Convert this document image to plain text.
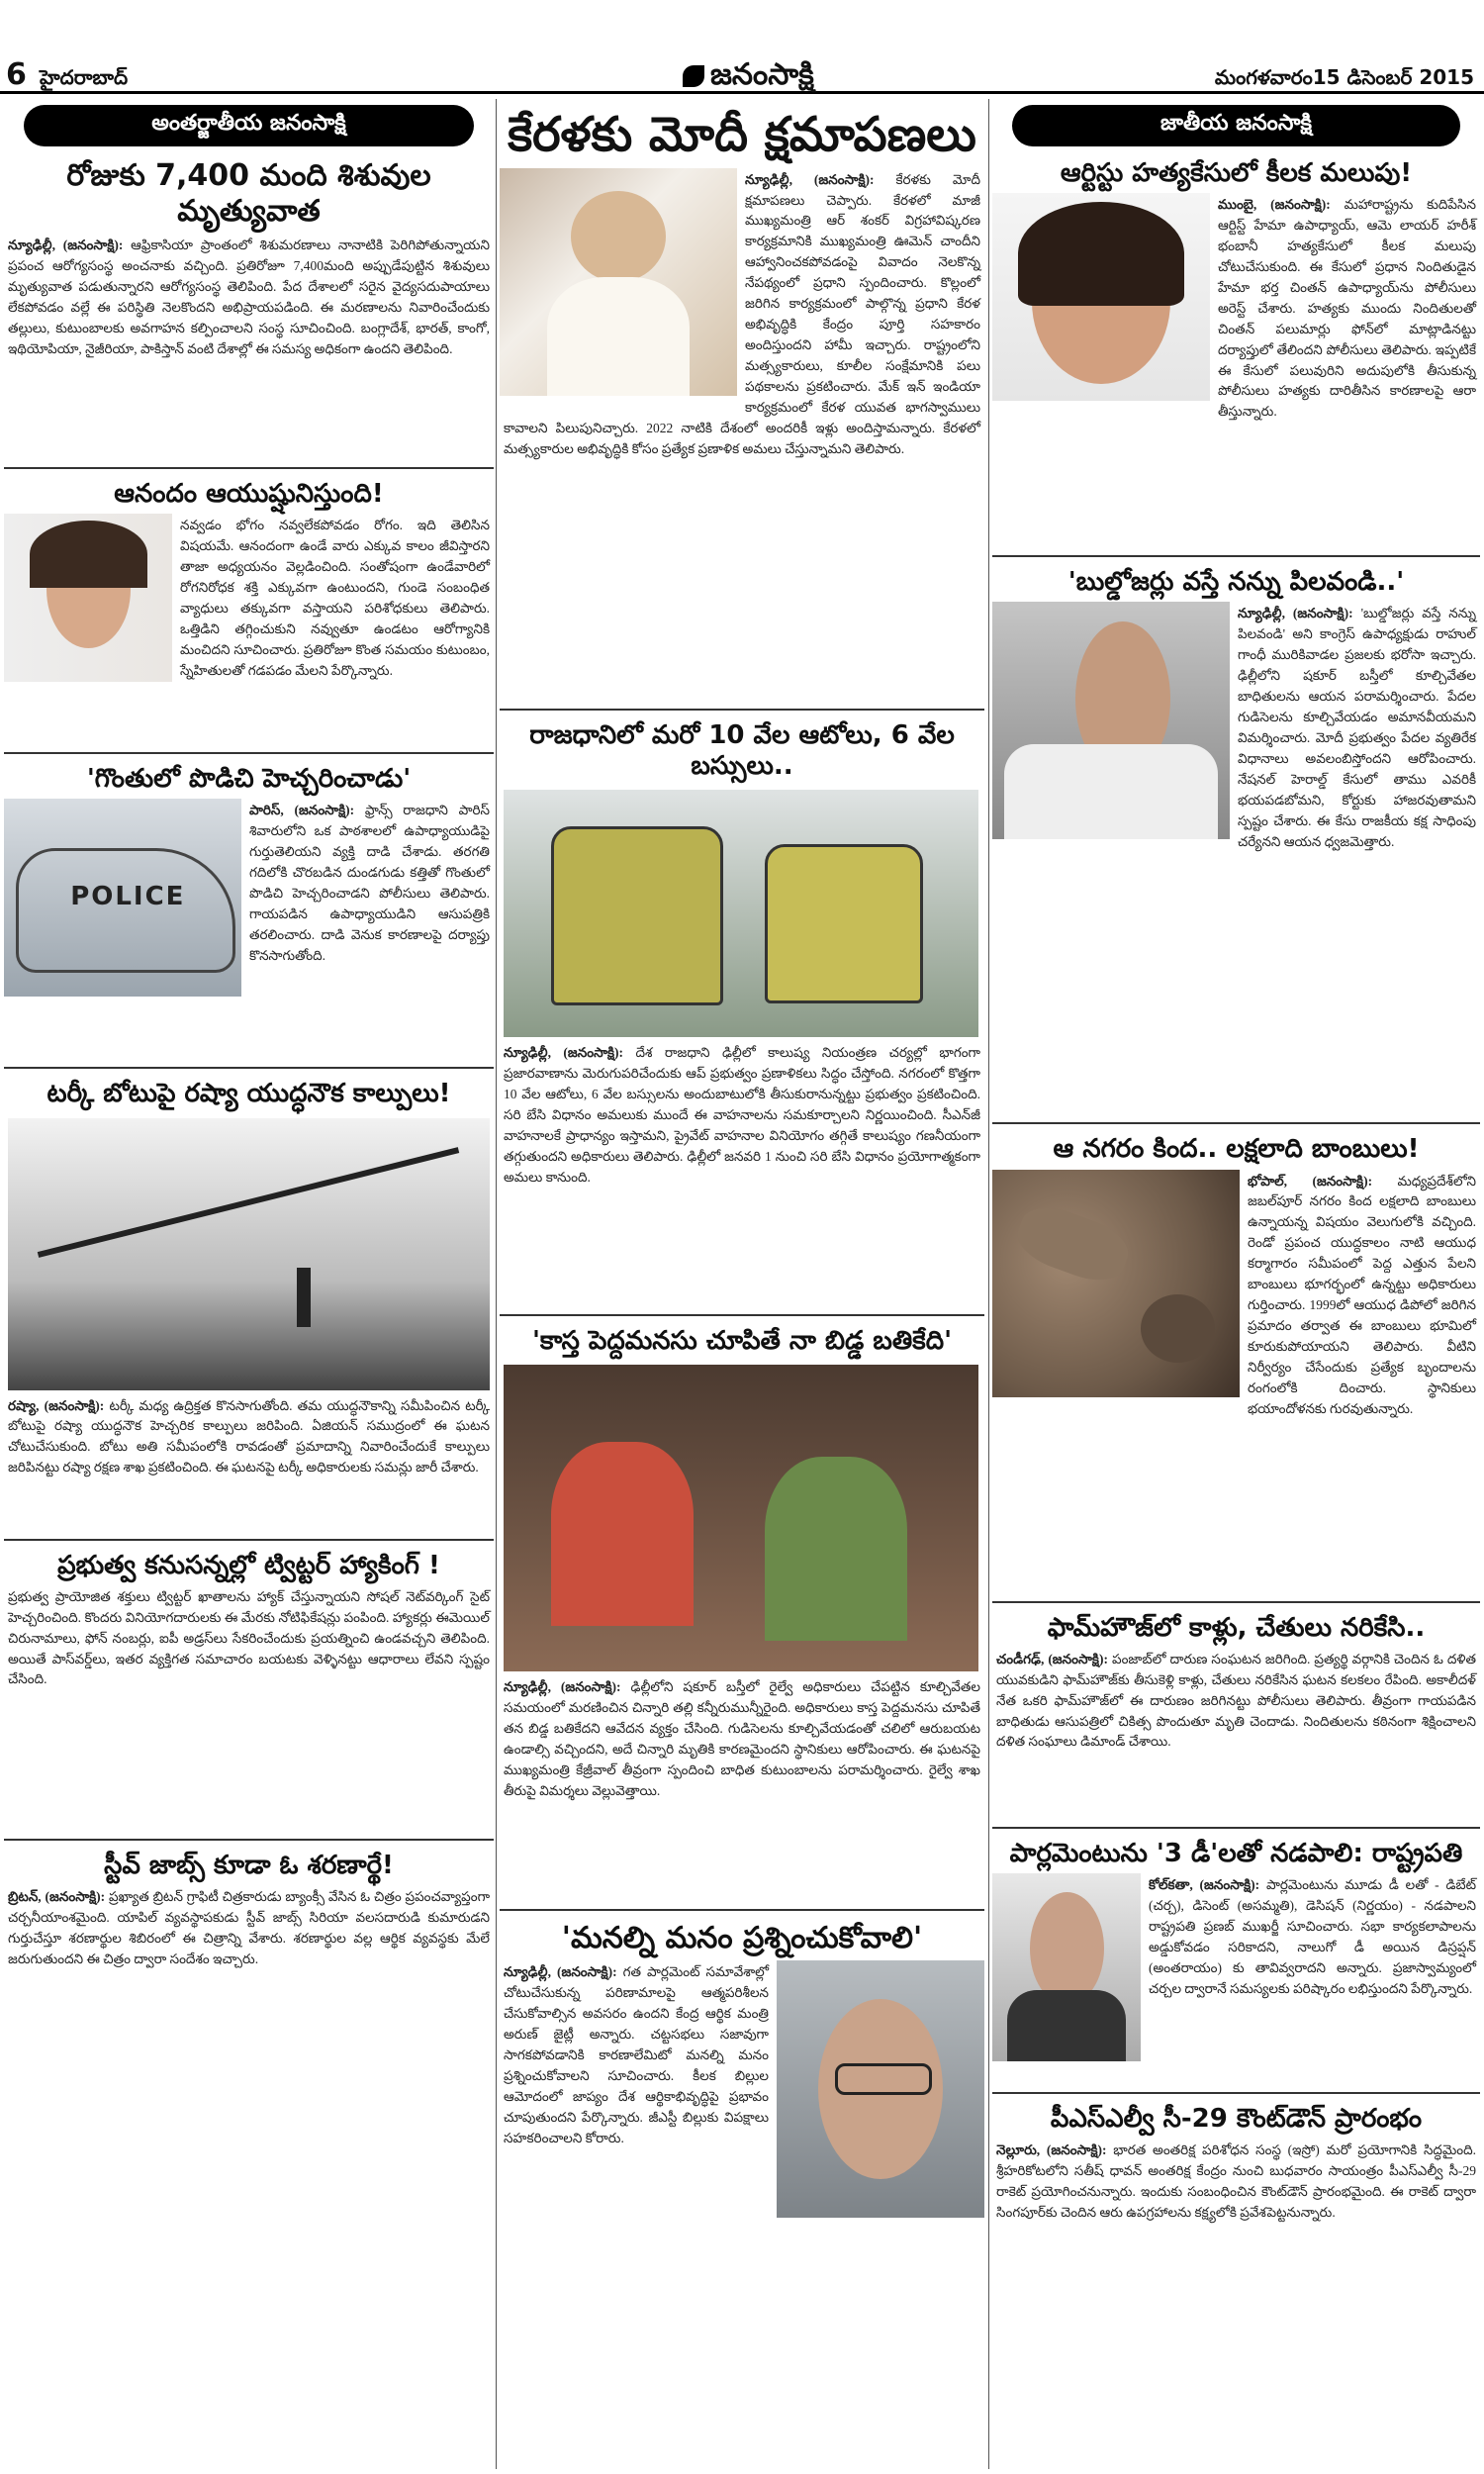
6 హైదరాబాద్	జనంసాక్షి	మంగళవారం15 డిసెంబర్ 2015
అంతర్జాతీయ జనంసాక్షి
రోజుకు 7,400 మంది శిశువుల మృత్యువాత

న్యూఢిల్లీ, (జనంసాక్షి): ఆఫ్రికాసియా ప్రాంతంలో శిశుమరణాలు నానాటికి పెరిగిపోతున్నాయని ప్రపంచ ఆరోగ్యసంస్థ అంచనాకు వచ్చింది. ప్రతిరోజూ 7,400మంది అప్పుడేపుట్టిన శిశువులు మృత్యువాత పడుతున్నారని ఆరోగ్యసంస్థ తెలిపింది. పేద దేశాలలో సరైన వైద్యసదుపాయాలు లేకపోవడం వల్లే ఈ పరిస్థితి నెలకొందని అభిప్రాయపడింది. ఈ మరణాలను నివారించేందుకు తల్లులు, కుటుంబాలకు అవగాహన కల్పించాలని సంస్థ సూచించింది. బంగ్లాదేశ్, భారత్, కాంగో, ఇథియోపియా, నైజీరియా, పాకిస్తాన్ వంటి దేశాల్లో ఈ సమస్య అధికంగా ఉందని తెలిపింది.

ఆనందం ఆయుష్షునిస్తుంది!

నవ్వడం భోగం నవ్వలేకపోవడం రోగం. ఇది తెలిసిన విషయమే. ఆనందంగా ఉండే వారు ఎక్కువ కాలం జీవిస్తారని తాజా అధ్యయనం వెల్లడించింది. సంతోషంగా ఉండేవారిలో రోగనిరోధక శక్తి ఎక్కువగా ఉంటుందని, గుండె సంబంధిత వ్యాధులు తక్కువగా వస్తాయని పరిశోధకులు తెలిపారు. ఒత్తిడిని తగ్గించుకుని నవ్వుతూ ఉండటం ఆరోగ్యానికి మంచిదని సూచించారు. ప్రతిరోజూ కొంత సమయం కుటుంబం, స్నేహితులతో గడపడం మేలని పేర్కొన్నారు.

'గొంతులో పొడిచి హెచ్చరించాడు'
POLICE

పారిస్, (జనంసాక్షి): ఫ్రాన్స్ రాజధాని పారిస్ శివారులోని ఒక పాఠశాలలో ఉపాధ్యాయుడిపై గుర్తుతెలియని వ్యక్తి దాడి చేశాడు. తరగతి గదిలోకి చొరబడిన దుండగుడు కత్తితో గొంతులో పొడిచి హెచ్చరించాడని పోలీసులు తెలిపారు. గాయపడిన ఉపాధ్యాయుడిని ఆసుపత్రికి తరలించారు. దాడి వెనుక కారణాలపై దర్యాప్తు కొనసాగుతోంది.

టర్కీ బోటుపై రష్యా యుద్ధనౌక కాల్పులు!

రష్యా, (జనంసాక్షి): టర్కీ మధ్య ఉద్రిక్తత కొనసాగుతోంది. తమ యుద్ధనౌకాన్ని సమీపించిన టర్కీ బోటుపై రష్యా యుద్ధనౌక హెచ్చరిక కాల్పులు జరిపింది. ఏజియన్ సముద్రంలో ఈ ఘటన చోటుచేసుకుంది. బోటు అతి సమీపంలోకి రావడంతో ప్రమాదాన్ని నివారించేందుకే కాల్పులు జరిపినట్టు రష్యా రక్షణ శాఖ ప్రకటించింది. ఈ ఘటనపై టర్కీ అధికారులకు సమన్లు జారీ చేశారు.

ప్రభుత్వ కనుసన్నల్లో ట్విట్టర్ హ్యాకింగ్ !

ప్రభుత్వ ప్రాయోజిత శక్తులు ట్విట్టర్ ఖాతాలను హ్యాక్ చేస్తున్నాయని సోషల్ నెట్‌వర్కింగ్ సైట్ హెచ్చరించింది. కొందరు వినియోగదారులకు ఈ మేరకు నోటిఫికేషన్లు పంపింది. హ్యాకర్లు ఈమెయిల్ చిరునామాలు, ఫోన్ నంబర్లు, ఐపీ అడ్రస్‌లు సేకరించేందుకు ప్రయత్నించి ఉండవచ్చని తెలిపింది. అయితే పాస్‌వర్డ్‌లు, ఇతర వ్యక్తిగత సమాచారం బయటకు వెళ్ళినట్టు ఆధారాలు లేవని స్పష్టం చేసింది.

స్టీవ్ జాబ్స్ కూడా ఓ శరణార్థే!

బ్రిటన్, (జనంసాక్షి): ప్రఖ్యాత బ్రిటన్ గ్రాఫిటీ చిత్రకారుడు బ్యాంక్సీ వేసిన ఓ చిత్రం ప్రపంచవ్యాప్తంగా చర్చనీయాంశమైంది. యాపిల్ వ్యవస్థాపకుడు స్టీవ్ జాబ్స్ సిరియా వలసదారుడి కుమారుడని గుర్తుచేస్తూ శరణార్థుల శిబిరంలో ఈ చిత్రాన్ని వేశారు. శరణార్థుల వల్ల ఆర్థిక వ్యవస్థకు మేలే జరుగుతుందని ఈ చిత్రం ద్వారా సందేశం ఇచ్చారు.

కేరళకు మోదీ క్షమాపణలు

న్యూఢిల్లీ, (జనంసాక్షి): కేరళకు మోదీ క్షమాపణలు చెప్పారు. కేరళలో మాజీ ముఖ్యమంత్రి ఆర్ శంకర్ విగ్రహావిష్కరణ కార్యక్రమానికి ముఖ్యమంత్రి ఊమెన్ చాందీని ఆహ్వానించకపోవడంపై వివాదం నెలకొన్న నేపథ్యంలో ప్రధాని స్పందించారు. కొల్లంలో జరిగిన కార్యక్రమంలో పాల్గొన్న ప్రధాని కేరళ అభివృద్ధికి కేంద్రం పూర్తి సహకారం అందిస్తుందని హామీ ఇచ్చారు. రాష్ట్రంలోని మత్స్యకారులు, కూలీల సంక్షేమానికి పలు పథకాలను ప్రకటించారు. మేక్ ఇన్ ఇండియా కార్యక్రమంలో కేరళ యువత భాగస్వాములు కావాలని పిలుపునిచ్చారు. 2022 నాటికి దేశంలో అందరికీ ఇళ్లు అందిస్తామన్నారు. కేరళలో మత్స్యకారుల అభివృద్ధికి కోసం ప్రత్యేక ప్రణాళిక అమలు చేస్తున్నామని తెలిపారు.

రాజధానిలో మరో 10 వేల ఆటోలు, 6 వేల బస్సులు..

న్యూఢిల్లీ, (జనంసాక్షి): దేశ రాజధాని ఢిల్లీలో కాలుష్య నియంత్రణ చర్యల్లో భాగంగా ప్రజారవాణాను మెరుగుపరిచేందుకు ఆప్ ప్రభుత్వం ప్రణాళికలు సిద్ధం చేస్తోంది. నగరంలో కొత్తగా 10 వేల ఆటోలు, 6 వేల బస్సులను అందుబాటులోకి తీసుకురానున్నట్టు ప్రభుత్వం ప్రకటించింది. సరి బేసి విధానం అమలుకు ముందే ఈ వాహనాలను సమకూర్చాలని నిర్ణయించింది. సీఎన్‌జీ వాహనాలకే ప్రాధాన్యం ఇస్తామని, ప్రైవేట్ వాహనాల వినియోగం తగ్గితే కాలుష్యం గణనీయంగా తగ్గుతుందని అధికారులు తెలిపారు. ఢిల్లీలో జనవరి 1 నుంచి సరి బేసి విధానం ప్రయోగాత్మకంగా అమలు కానుంది.

'కాస్త పెద్దమనసు చూపితే నా బిడ్డ బతికేది'

న్యూఢిల్లీ, (జనంసాక్షి): ఢిల్లీలోని షకూర్ బస్తీలో రైల్వే అధికారులు చేపట్టిన కూల్చివేతల సమయంలో మరణించిన చిన్నారి తల్లి కన్నీరుమున్నీరైంది. అధికారులు కాస్త పెద్దమనసు చూపితే తన బిడ్డ బతికేదని ఆవేదన వ్యక్తం చేసింది. గుడిసెలను కూల్చివేయడంతో చలిలో ఆరుబయట ఉండాల్సి వచ్చిందని, అదే చిన్నారి మృతికి కారణమైందని స్థానికులు ఆరోపించారు. ఈ ఘటనపై ముఖ్యమంత్రి కేజ్రీవాల్ తీవ్రంగా స్పందించి బాధిత కుటుంబాలను పరామర్శించారు. రైల్వే శాఖ తీరుపై విమర్శలు వెల్లువెత్తాయి.

'మనల్ని మనం ప్రశ్నించుకోవాలి'

న్యూఢిల్లీ, (జనంసాక్షి): గత పార్లమెంట్ సమావేశాల్లో చోటుచేసుకున్న పరిణామాలపై ఆత్మపరిశీలన చేసుకోవాల్సిన అవసరం ఉందని కేంద్ర ఆర్థిక మంత్రి అరుణ్ జైట్లీ అన్నారు. చట్టసభలు సజావుగా సాగకపోవడానికి కారణాలేమిటో మనల్ని మనం ప్రశ్నించుకోవాలని సూచించారు. కీలక బిల్లుల ఆమోదంలో జాప్యం దేశ ఆర్థికాభివృద్ధిపై ప్రభావం చూపుతుందని పేర్కొన్నారు. జీఎస్టీ బిల్లుకు విపక్షాలు సహకరించాలని కోరారు.

జాతీయ జనంసాక్షి
ఆర్టిస్టు హత్యకేసులో కీలక మలుపు!

ముంబై, (జనంసాక్షి): మహారాష్ట్రను కుదిపేసిన ఆర్టిస్ట్ హేమా ఉపాధ్యాయ్, ఆమె లాయర్ హరీశ్ భంబానీ హత్యకేసులో కీలక మలుపు చోటుచేసుకుంది. ఈ కేసులో ప్రధాన నిందితుడైన హేమా భర్త చింతన్ ఉపాధ్యాయ్‌ను పోలీసులు అరెస్ట్ చేశారు. హత్యకు ముందు నిందితులతో చింతన్ పలుమార్లు ఫోన్‌లో మాట్లాడినట్టు దర్యాప్తులో తేలిందని పోలీసులు తెలిపారు. ఇప్పటికే ఈ కేసులో పలువురిని అదుపులోకి తీసుకున్న పోలీసులు హత్యకు దారితీసిన కారణాలపై ఆరా తీస్తున్నారు.

'బుల్డోజర్లు వస్తే నన్ను పిలవండి..'

న్యూఢిల్లీ, (జనంసాక్షి): 'బుల్డోజర్లు వస్తే నన్ను పిలవండి' అని కాంగ్రెస్ ఉపాధ్యక్షుడు రాహుల్ గాంధీ మురికివాడల ప్రజలకు భరోసా ఇచ్చారు. ఢిల్లీలోని షకూర్ బస్తీలో కూల్చివేతల బాధితులను ఆయన పరామర్శించారు. పేదల గుడిసెలను కూల్చివేయడం అమానవీయమని విమర్శించారు. మోదీ ప్రభుత్వం పేదల వ్యతిరేక విధానాలు అవలంబిస్తోందని ఆరోపించారు. నేషనల్ హెరాల్డ్ కేసులో తాము ఎవరికీ భయపడబోమని, కోర్టుకు హాజరవుతామని స్పష్టం చేశారు. ఈ కేసు రాజకీయ కక్ష సాధింపు చర్యేనని ఆయన ధ్వజమెత్తారు.

ఆ నగరం కింద.. లక్షలాది బాంబులు!

భోపాల్, (జనంసాక్షి): మధ్యప్రదేశ్‌లోని జబల్‌పూర్ నగరం కింద లక్షలాది బాంబులు ఉన్నాయన్న విషయం వెలుగులోకి వచ్చింది. రెండో ప్రపంచ యుద్ధకాలం నాటి ఆయుధ కర్మాగారం సమీపంలో పెద్ద ఎత్తున పేలని బాంబులు భూగర్భంలో ఉన్నట్టు అధికారులు గుర్తించారు. 1999లో ఆయుధ డిపోలో జరిగిన ప్రమాదం తర్వాత ఈ బాంబులు భూమిలో కూరుకుపోయాయని తెలిపారు. వీటిని నిర్వీర్యం చేసేందుకు ప్రత్యేక బృందాలను రంగంలోకి దించారు. స్థానికులు భయాందోళనకు గురవుతున్నారు.

ఫామ్‌హౌజ్‌లో కాళ్లు, చేతులు నరికేసి..

చండీగఢ్, (జనంసాక్షి): పంజాబ్‌లో దారుణ సంఘటన జరిగింది. ప్రత్యర్థి వర్గానికి చెందిన ఓ దళిత యువకుడిని ఫామ్‌హౌజ్‌కు తీసుకెళ్లి కాళ్లు, చేతులు నరికేసిన ఘటన కలకలం రేపింది. అకాలీదళ్ నేత ఒకరి ఫామ్‌హౌజ్‌లో ఈ దారుణం జరిగినట్టు పోలీసులు తెలిపారు. తీవ్రంగా గాయపడిన బాధితుడు ఆసుపత్రిలో చికిత్స పొందుతూ మృతి చెందాడు. నిందితులను కఠినంగా శిక్షించాలని దళిత సంఘాలు డిమాండ్ చేశాయి.

పార్లమెంటును '3 డీ'లతో నడపాలి: రాష్ట్రపతి

కోల్‌కతా, (జనంసాక్షి): పార్లమెంటును మూడు డీ లతో - డిబేట్ (చర్చ), డిసెంట్ (అసమ్మతి), డెసిషన్ (నిర్ణయం) - నడపాలని రాష్ట్రపతి ప్రణబ్ ముఖర్జీ సూచించారు. సభా కార్యకలాపాలను అడ్డుకోవడం సరికాదని, నాలుగో డీ అయిన డిస్రప్షన్ (అంతరాయం) కు తావివ్వరాదని అన్నారు. ప్రజాస్వామ్యంలో చర్చల ద్వారానే సమస్యలకు పరిష్కారం లభిస్తుందని పేర్కొన్నారు.

పీఎస్ఎల్వీ సీ-29 కౌంట్‌డౌన్ ప్రారంభం

నెల్లూరు, (జనంసాక్షి): భారత అంతరిక్ష పరిశోధన సంస్థ (ఇస్రో) మరో ప్రయోగానికి సిద్ధమైంది. శ్రీహరికోటలోని సతీష్ ధావన్ అంతరిక్ష కేంద్రం నుంచి బుధవారం సాయంత్రం పీఎస్ఎల్వీ సీ-29 రాకెట్ ప్రయోగించనున్నారు. ఇందుకు సంబంధించిన కౌంట్‌డౌన్ ప్రారంభమైంది. ఈ రాకెట్ ద్వారా సింగపూర్‌కు చెందిన ఆరు ఉపగ్రహాలను కక్ష్యలోకి ప్రవేశపెట్టనున్నారు.
